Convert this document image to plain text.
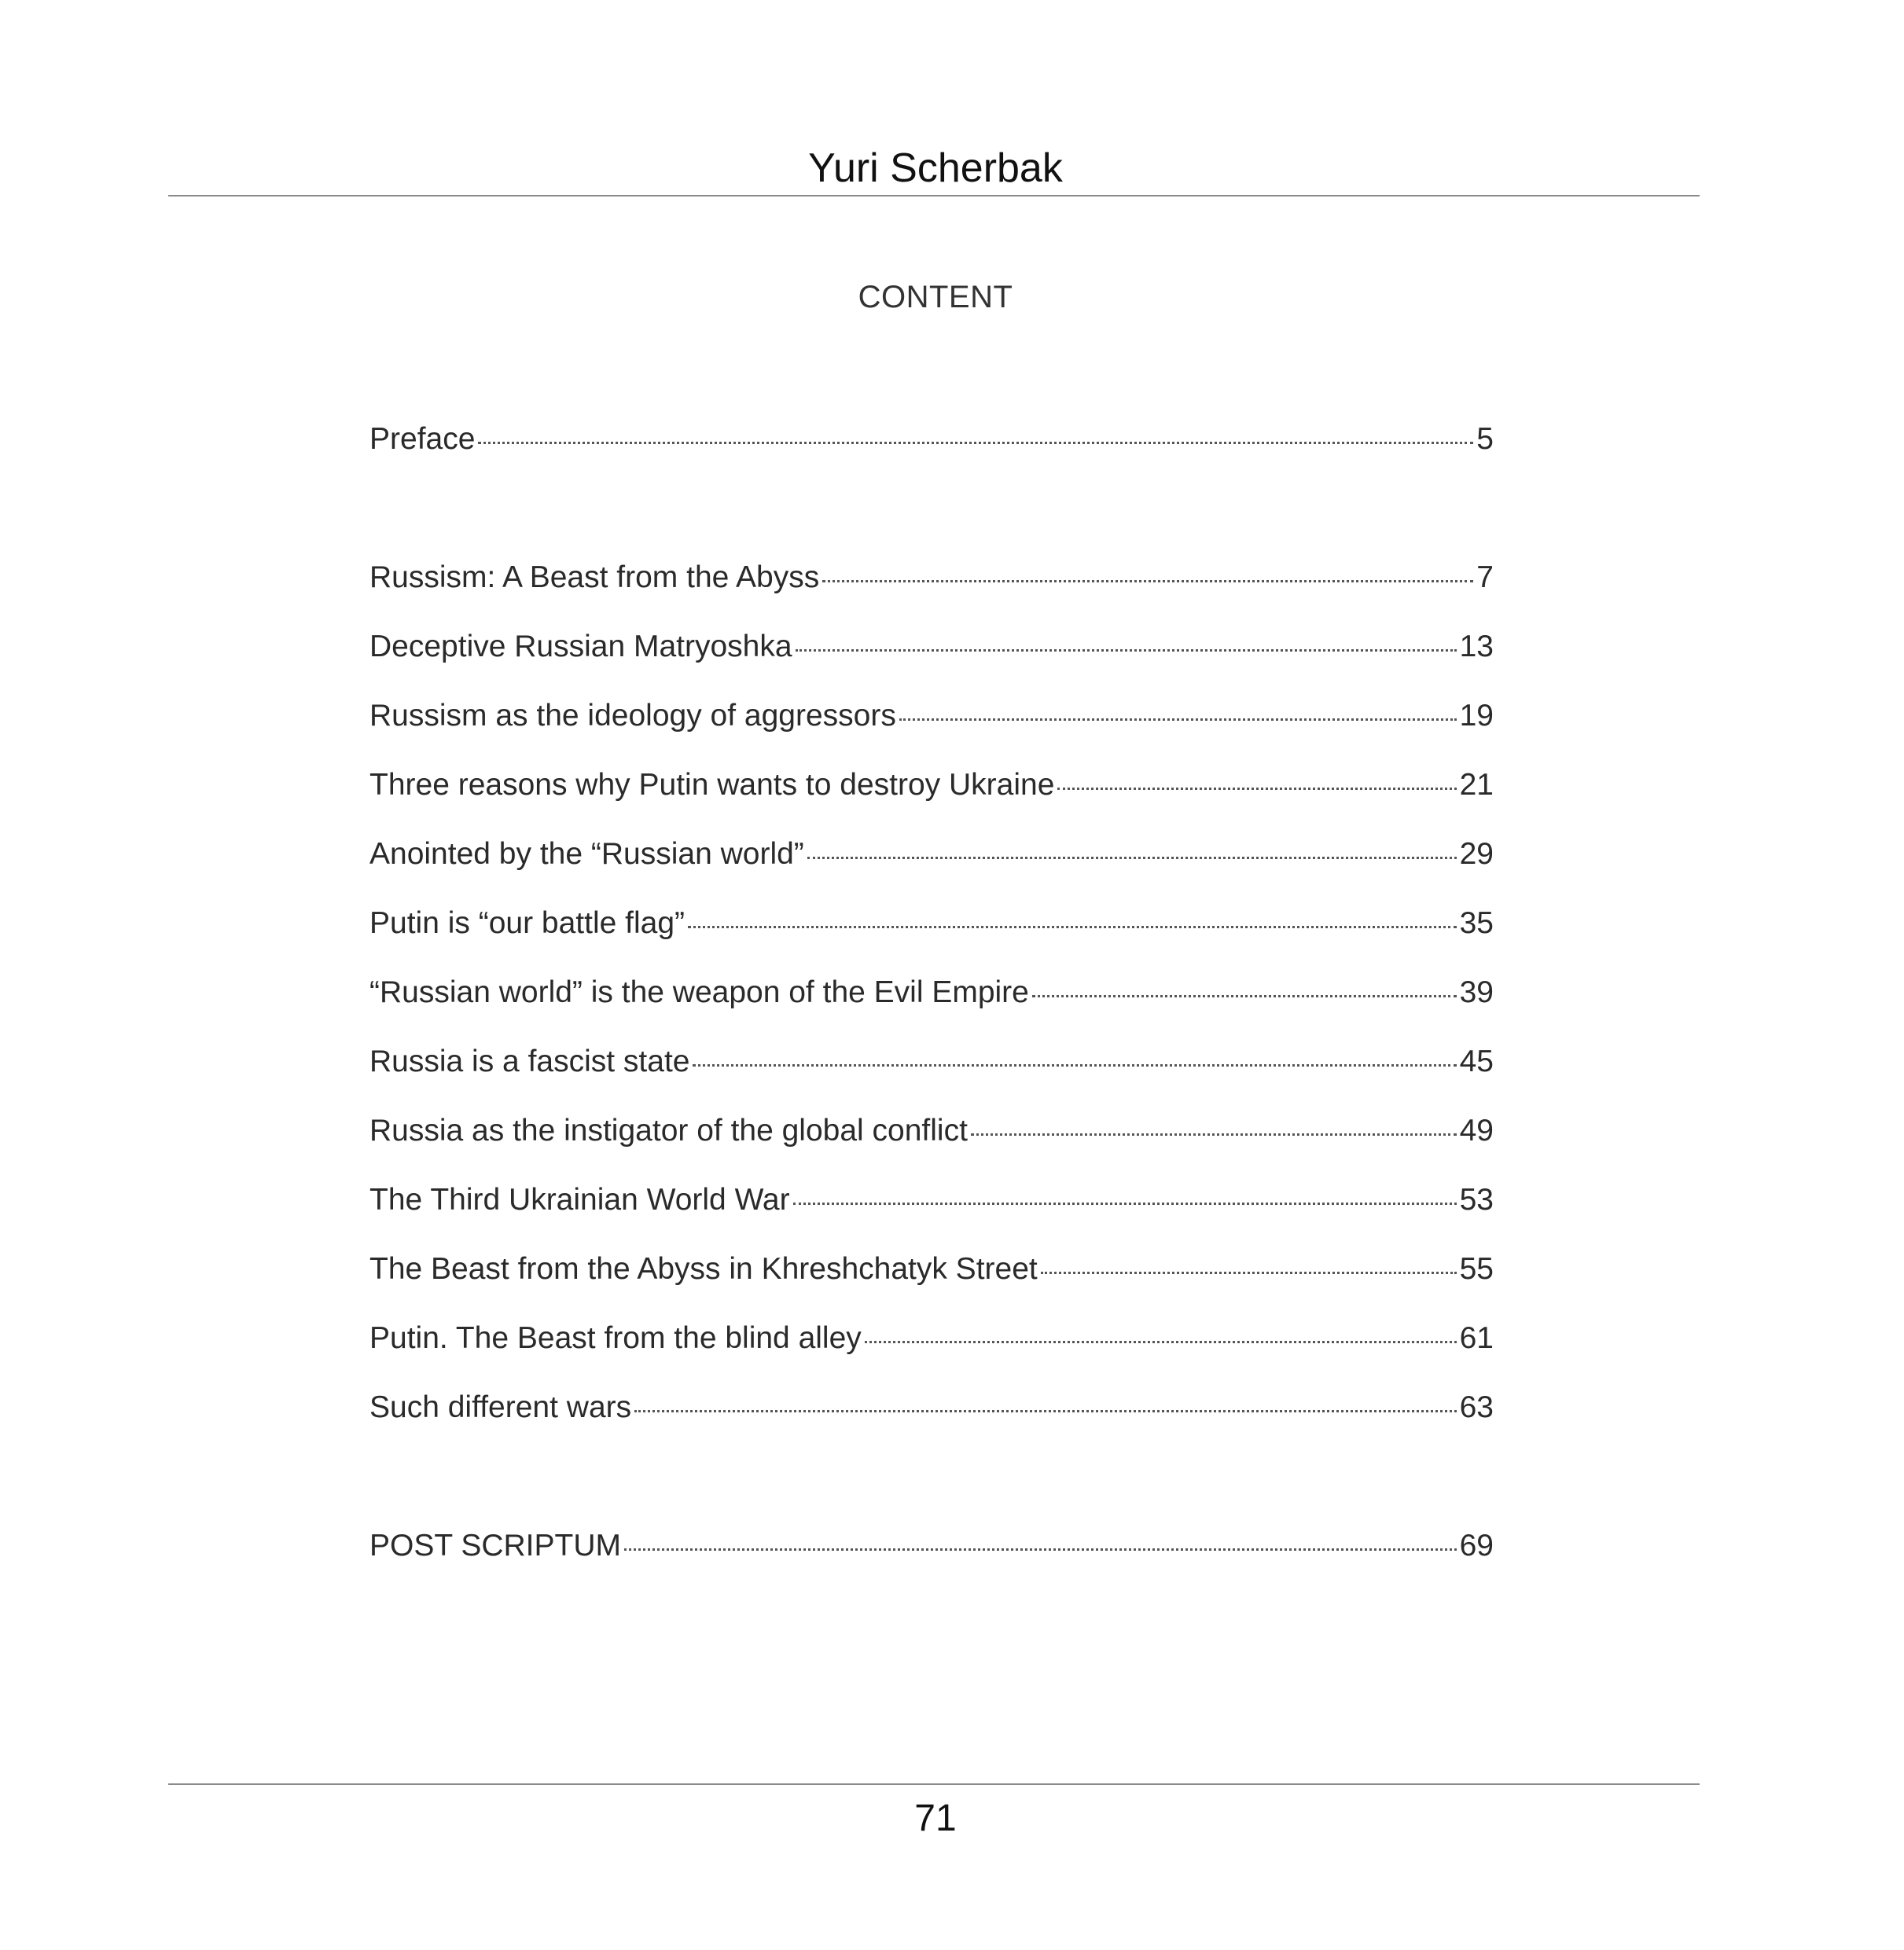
Yuri Scherbak
CONTENT
Preface	5
Russism: A Beast from the Abyss	7
Deceptive Russian Matryoshka	13
Russism as the ideology of aggressors	19
Three reasons why Putin wants to destroy Ukraine	21
Anointed by the “Russian world”	29
Putin is “our battle flag”	35
“Russian world” is the weapon of the Evil Empire	39
Russia is a fascist state	45
Russia as the instigator of the global conflict	49
The Third Ukrainian World War	53
The Beast from the Abyss in Khreshchatyk Street	55
Putin. The Beast from the blind alley	61
Such different wars	63
POST SCRIPTUM	69
71
